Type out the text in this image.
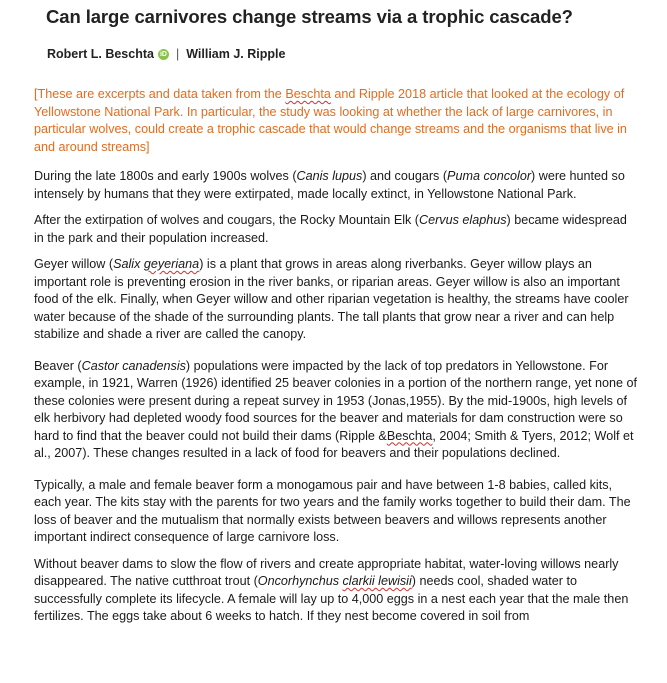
Can large carnivores change streams via a trophic cascade?
Robert L. Beschta iD | William J. Ripple

[These are excerpts and data taken from the Beschta and Ripple 2018 article that looked at the ecology of Yellowstone National Park. In particular, the study was looking at whether the lack of large carnivores, in particular wolves, could create a trophic cascade that would change streams and the organisms that live in and around streams]

During the late 1800s and early 1900s wolves (Canis lupus) and cougars (Puma concolor) were hunted so intensely by humans that they were extirpated, made locally extinct, in Yellowstone National Park.

After the extirpation of wolves and cougars, the Rocky Mountain Elk (Cervus elaphus) became widespread in the park and their population increased.

Geyer willow (Salix geyeriana) is a plant that grows in areas along riverbanks. Geyer willow plays an important role is preventing erosion in the river banks, or riparian areas. Geyer willow is also an important food of the elk. Finally, when Geyer willow and other riparian vegetation is healthy, the streams have cooler water because of the shade of the surrounding plants. The tall plants that grow near a river and can help stabilize and shade a river are called the canopy.

Beaver (Castor canadensis) populations were impacted by the lack of top predators in Yellowstone. For example, in 1921, Warren (1926) identified 25 beaver colonies in a portion of the northern range, yet none of these colonies were present during a repeat survey in 1953 (Jonas,1955). By the mid-1900s, high levels of elk herbivory had depleted woody food sources for the beaver and materials for dam construction were so hard to find that the beaver could not build their dams (Ripple &Beschta, 2004; Smith & Tyers, 2012; Wolf et al., 2007). These changes resulted in a lack of food for beavers and their populations declined.

Typically, a male and female beaver form a monogamous pair and have between 1-8 babies, called kits, each year. The kits stay with the parents for two years and the family works together to build their dam. The loss of beaver and the mutualism that normally exists between beavers and willows represents another important indirect consequence of large carnivore loss.

Without beaver dams to slow the flow of rivers and create appropriate habitat, water-loving willows nearly disappeared. The native cutthroat trout (Oncorhynchus clarkii lewisii) needs cool, shaded water to successfully complete its lifecycle. A female will lay up to 4,000 eggs in a nest each year that the male then fertilizes. The eggs take about 6 weeks to hatch. If they nest become covered in soil from
